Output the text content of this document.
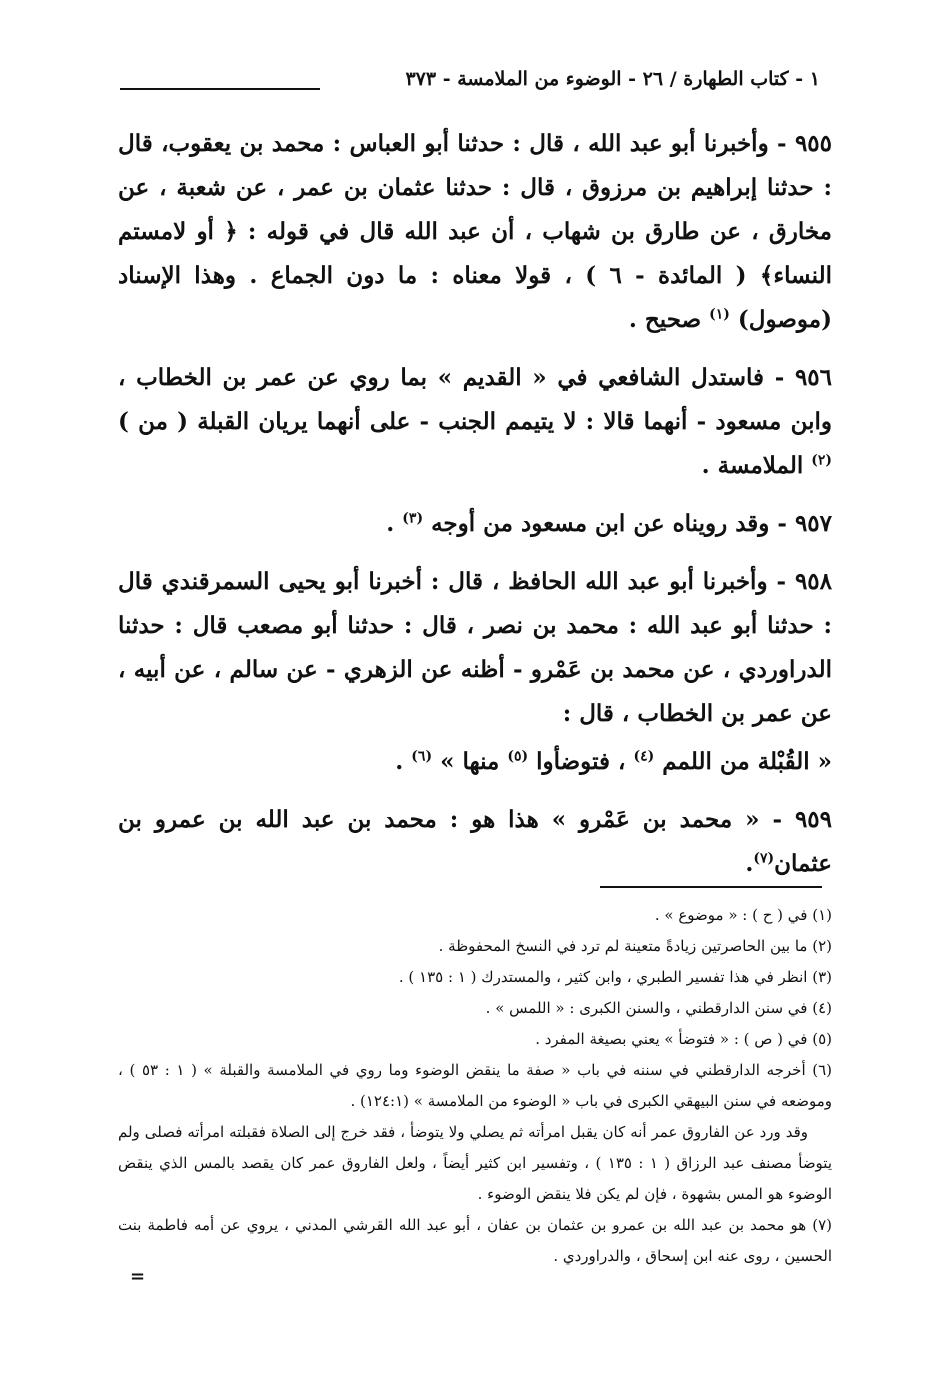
١ - كتاب الطهارة / ٢٦ - الوضوء من الملامسة - ٣٧٣

٩٥٥ - وأخبرنا أبو عبد الله ، قال : حدثنا أبو العباس : محمد بن يعقوب، قال : حدثنا إبراهيم بن مرزوق ، قال : حدثنا عثمان بن عمر ، عن شعبة ، عن مخارق ، عن طارق بن شهاب ، أن عبد الله قال في قوله : ﴿ أو لامستم النساء﴾ ( المائدة - ٦ ) ، قولا معناه : ما دون الجماع . وهذا الإسناد (موصول) $^{(١)}$ صحيح .

٩٥٦ - فاستدل الشافعي في « القديم » بما روي عن عمر بن الخطاب ، وابن مسعود - أنهما قالا : لا يتيمم الجنب - على أنهما يريان القبلة ( من ) $^{(٢)}$ الملامسة .

٩٥٧ - وقد رويناه عن ابن مسعود من أوجه $^{(٣)}$ .

٩٥٨ - وأخبرنا أبو عبد الله الحافظ ، قال : أخبرنا أبو يحيى السمرقندي قال : حدثنا أبو عبد الله : محمد بن نصر ، قال : حدثنا أبو مصعب قال : حدثنا الدراوردي ، عن محمد بن عَمْرو - أظنه عن الزهري - عن سالم ، عن أبيه ، عن عمر بن الخطاب ، قال :

« القُبْلة من اللمم $^{(٤)}$ ، فتوضأوا $^{(٥)}$ منها » $^{(٦)}$ .

٩٥٩ - « محمد بن عَمْرو » هذا هو : محمد بن عبد الله بن عمرو بن عثمان$^{(٧)}$.

(١) في ( ح ) : « موضوع » .

(٢) ما بين الحاصرتين زيادةً متعينة لم ترد في النسخ المحفوظة .

(٣) انظر في هذا تفسير الطبري ، وابن كثير ، والمستدرك ( ١ : ١٣٥ ) .

(٤) في سنن الدارقطني ، والسنن الكبرى : « اللمس » .

(٥) في ( ص ) : « فتوضأ » يعني بصيغة المفرد .

(٦) أخرجه الدارقطني في سننه في باب « صفة ما ينقض الوضوء وما روي في الملامسة والقبلة » ( ١ : ٥٣ ) ، وموضعه في سنن البيهقي الكبرى في باب « الوضوء من الملامسة » (١٢٤:١) .

وقد ورد عن الفاروق عمر أنه كان يقبل امرأته ثم يصلي ولا يتوضأ ، فقد خرج إلى الصلاة فقبلته امرأته فصلى ولم يتوضأ مصنف عبد الرزاق ( ١ : ١٣٥ ) ، وتفسير ابن كثير أيضاً ، ولعل الفاروق عمر كان يقصد بالمس الذي ينقض الوضوء هو المس بشهوة ، فإن لم يكن فلا ينقض الوضوء .

(٧) هو محمد بن عبد الله بن عمرو بن عثمان بن عفان ، أبو عبد الله القرشي المدني ، يروي عن أمه فاطمة بنت الحسين ، روى عنه ابن إسحاق ، والدراوردي .

=
